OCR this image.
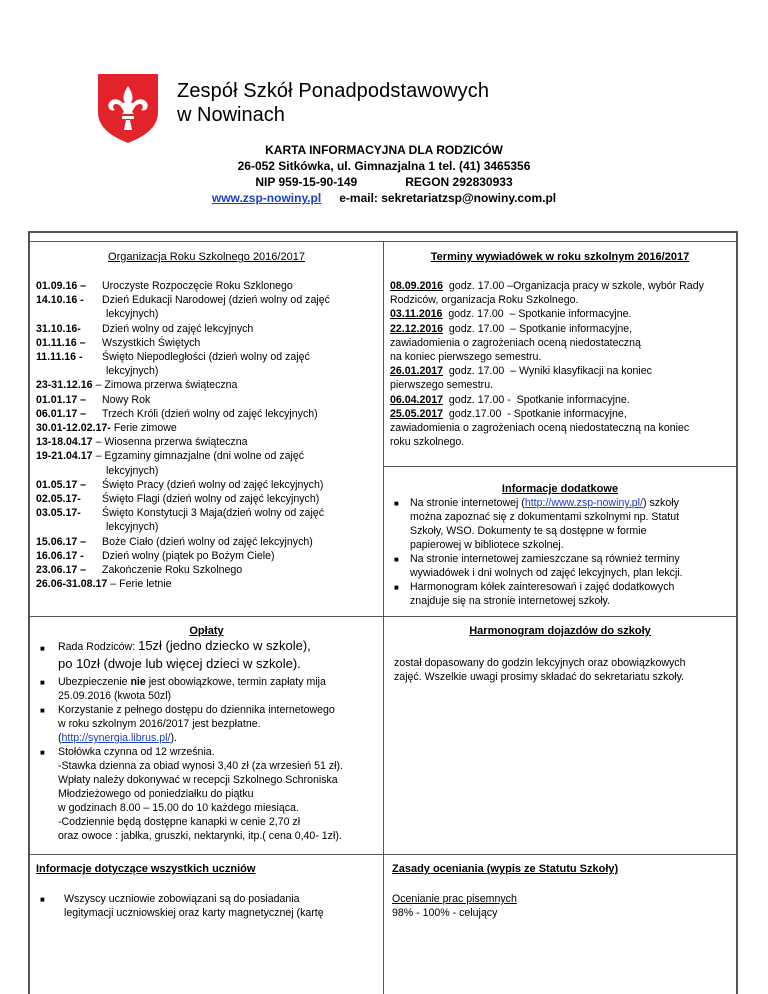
Zespół Szkół Ponadpodstawowych
w Nowinach
KARTA INFORMACYJNA DLA RODZICÓW
26-052 Sitkówka, ul. Gimnazjalna 1 tel. (41) 3465356
NIP 959-15-90-149	REGON 292830933
www.zsp-nowiny.pl e-mail: sekretariatzsp@nowiny.com.pl
Organizacja Roku Szkolnego 2016/2017
01.09.16 – Uroczyste Rozpoczęcie Roku Szklonego
14.10.16 - Dzień Edukacji Narodowej (dzień wolny od zajęć
lekcyjnych)
31.10.16- Dzień wolny od zajęć lekcyjnych
01.11.16 – Wszystkich Świętych
11.11.16 - Święto Niepodległości (dzień wolny od zajęć
lekcyjnych)
23-31.12.16 – Zimowa przerwa świąteczna
01.01.17 – Nowy Rok
06.01.17 – Trzech Króli (dzień wolny od zajęć lekcyjnych)
30.01-12.02.17- Ferie zimowe
13-18.04.17 – Wiosenna przerwa świąteczna
19-21.04.17 – Egzaminy gimnazjalne (dni wolne od zajęć
lekcyjnych)
01.05.17 – Święto Pracy (dzień wolny od zajęć lekcyjnych)
02.05.17- Święto Flagi (dzień wolny od zajęć lekcyjnych)
03.05.17- Święto Konstytucji 3 Maja(dzień wolny od zajęć
lekcyjnych)
15.06.17 – Boże Ciało (dzień wolny od zajęć lekcyjnych)
16.06.17 - Dzień wolny (piątek po Bożym Ciele)
23.06.17 – Zakończenie Roku Szkolnego
26.06-31.08.17 – Ferie letnie
Terminy wywiadówek w roku szkolnym 2016/2017
08.09.2016  godz. 17.00 –Organizacja pracy w szkole, wybór Rady
Rodziców, organizacja Roku Szkolnego.
03.11.2016  godz. 17.00  – Spotkanie informacyjne.
22.12.2016  godz. 17.00  – Spotkanie informacyjne,
zawiadomienia o zagrożeniach oceną niedostateczną
na koniec pierwszego semestru.
26.01.2017  godz. 17.00  – Wyniki klasyfikacji na koniec
pierwszego semestru.
06.04.2017  godz. 17.00 -  Spotkanie informacyjne.
25.05.2017  godz.17.00  - Spotkanie informacyjne,
zawiadomienia o zagrożeniach oceną niedostateczną na koniec
roku szkolnego.
Informacje dodatkowe
■ Na stronie internetowej (http://www.zsp-nowiny.pl/) szkoły
można zapoznać się z dokumentami szkolnymi np. Statut
Szkoły, WSO. Dokumenty te są dostępne w formie
papierowej w bibliotece szkolnej.
■ Na stronie internetowej zamieszczane są również terminy
wywiadówek i dni wolnych od zajęć lekcyjnych, plan lekcji.
■ Harmonogram kółek zainteresowań i zajęć dodatkowych
znajduje się na stronie internetowej szkoły.
Opłaty
■ Rada Rodziców: 15zł (jedno dziecko w szkole),
po 10zł (dwoje lub więcej dzieci w szkole).
■ Ubezpieczenie nie jest obowiązkowe, termin zapłaty mija
25.09.2016 (kwota 50zl)
■ Korzystanie z pełnego dostępu do dziennika internetowego
w roku szkolnym 2016/2017 jest bezpłatne.
(http://synergia.librus.pl/).
■ Stołówka czynna od 12 września.
-Stawka dzienna za obiad wynosi 3,40 zł (za wrzesień 51 zł).
Wpłaty należy dokonywać w recepcji Szkolnego Schroniska
Młodzieżowego od poniedziałku do piątku
w godzinach 8.00 – 15.00 do 10 każdego miesiąca.
-Codziennie będą dostępne kanapki w cenie 2,70 zł
oraz owoce : jabłka, gruszki, nektarynki, itp.( cena 0,40- 1zł).
Harmonogram dojazdów do szkoły
został dopasowany do godzin lekcyjnych oraz obowiązkowych
zajęć. Wszelkie uwagi prosimy składać do sekretariatu szkoły.
Informacje dotyczące wszystkich uczniów
■ Wszyscy uczniowie zobowiązani są do posiadania
legitymacji uczniowskiej oraz karty magnetycznej (kartę
Zasady oceniania (wypis ze Statutu Szkoły)
Ocenianie prac pisemnych
98% - 100% - celujący
